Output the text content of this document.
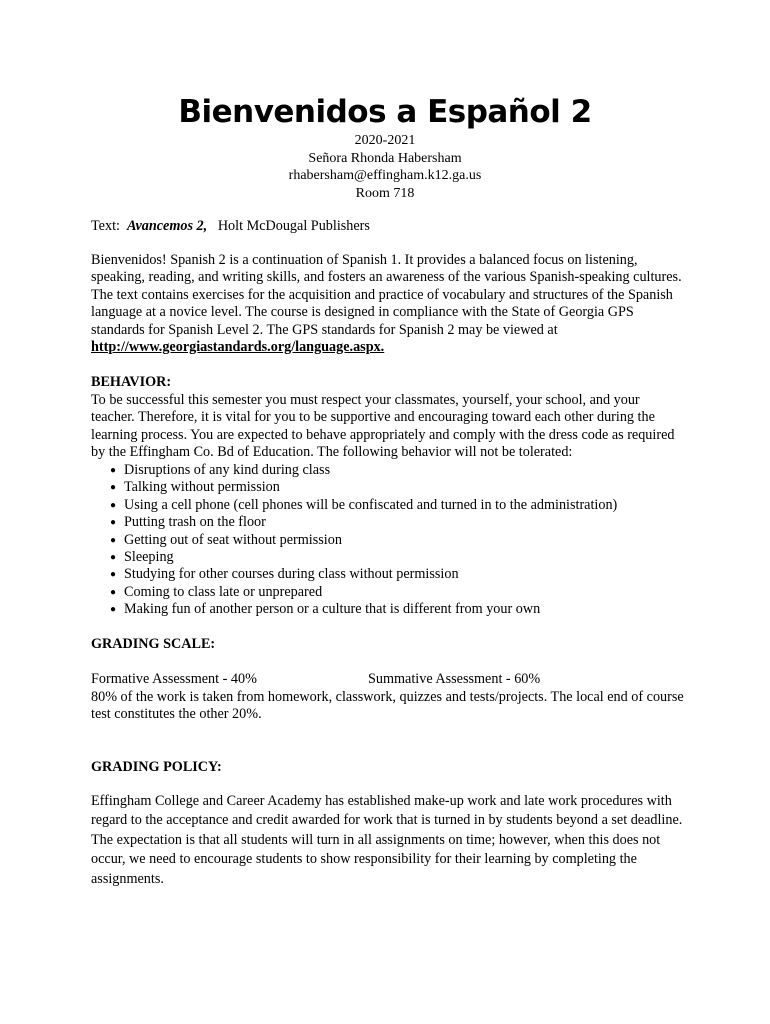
Bienvenidos a Español 2
2020-2021
Señora Rhonda Habersham
rhabersham@effingham.k12.ga.us
Room 718
Text: Avancemos 2, Holt McDougal Publishers
Bienvenidos! Spanish 2 is a continuation of Spanish 1. It provides a balanced focus on listening, speaking, reading, and writing skills, and fosters an awareness of the various Spanish-speaking cultures. The text contains exercises for the acquisition and practice of vocabulary and structures of the Spanish language at a novice level. The course is designed in compliance with the State of Georgia GPS standards for Spanish Level 2. The GPS standards for Spanish 2 may be viewed at http://www.georgiastandards.org/language.aspx.
BEHAVIOR:
To be successful this semester you must respect your classmates, yourself, your school, and your teacher. Therefore, it is vital for you to be supportive and encouraging toward each other during the learning process. You are expected to behave appropriately and comply with the dress code as required by the Effingham Co. Bd of Education. The following behavior will not be tolerated:
● Disruptions of any kind during class
● Talking without permission
● Using a cell phone (cell phones will be confiscated and turned in to the administration)
● Putting trash on the floor
● Getting out of seat without permission
● Sleeping
● Studying for other courses during class without permission
● Coming to class late or unprepared
● Making fun of another person or a culture that is different from your own
GRADING SCALE:
Formative Assessment - 40%	Summative Assessment - 60%
80% of the work is taken from homework, classwork, quizzes and tests/projects. The local end of course test constitutes the other 20%.
GRADING POLICY:
Effingham College and Career Academy has established make-up work and late work procedures with regard to the acceptance and credit awarded for work that is turned in by students beyond a set deadline. The expectation is that all students will turn in all assignments on time; however, when this does not occur, we need to encourage students to show responsibility for their learning by completing the assignments.
